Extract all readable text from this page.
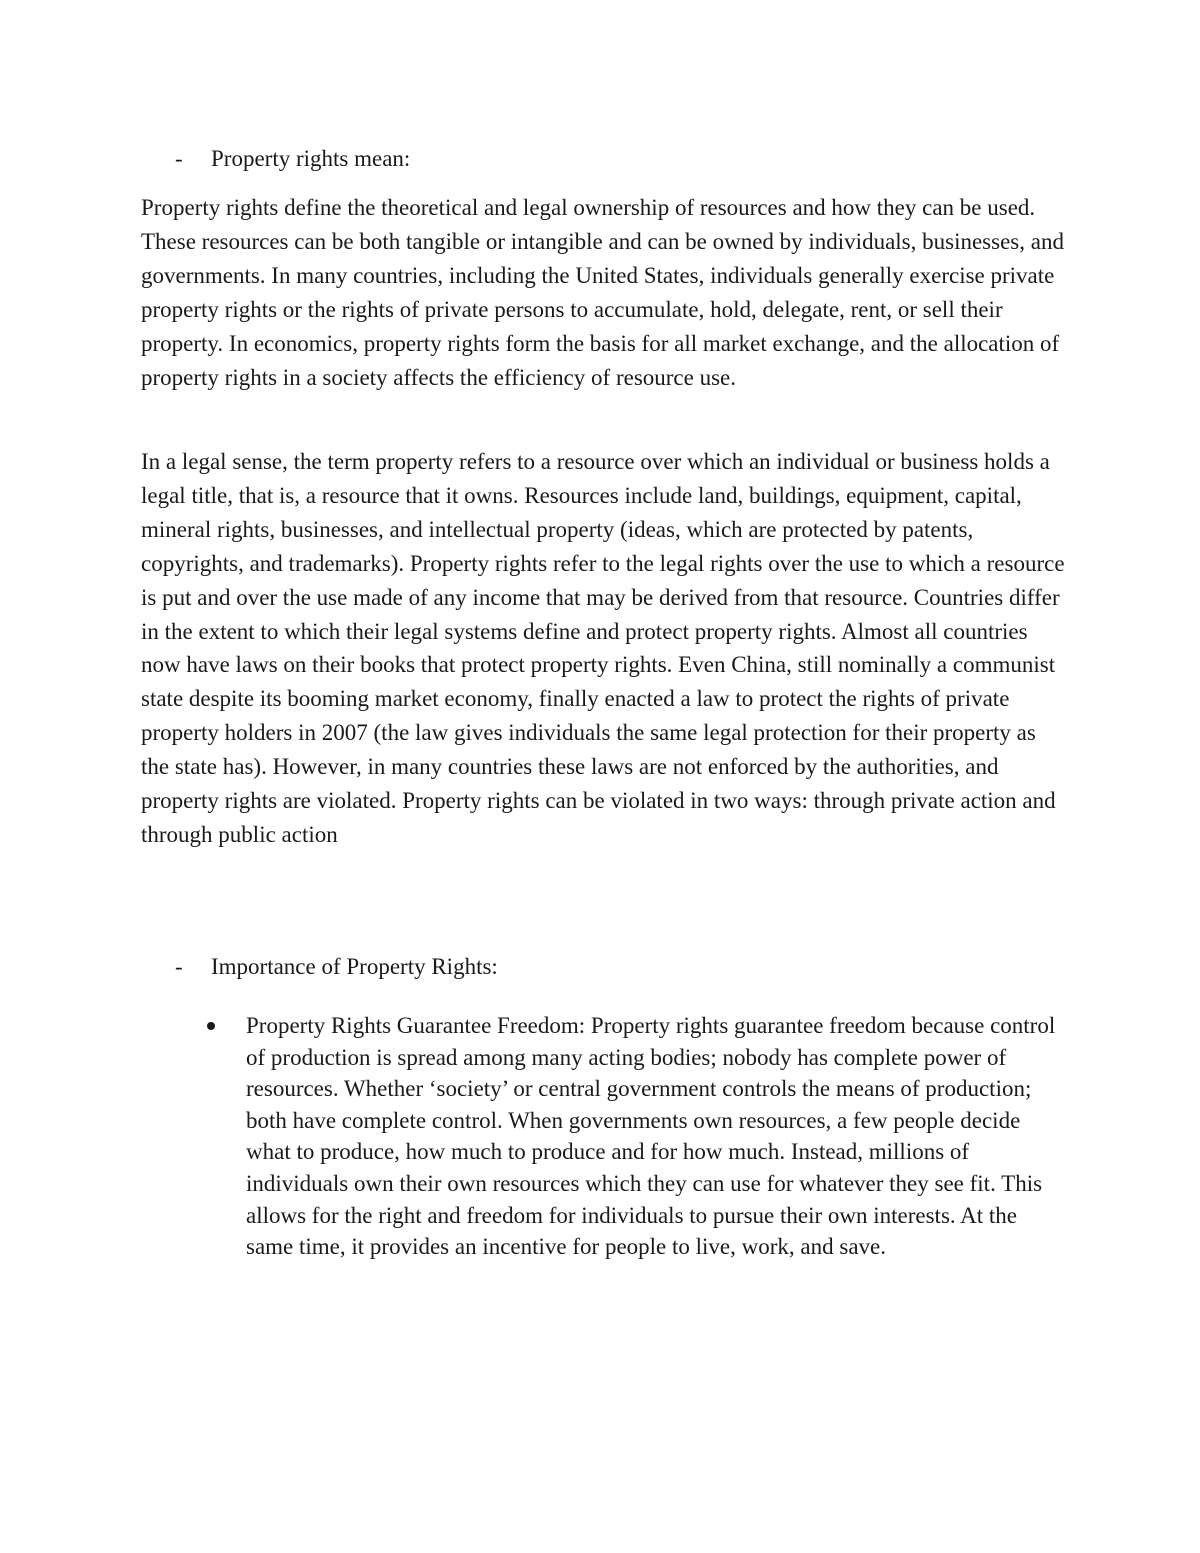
- Property rights mean:

Property rights define the theoretical and legal ownership of resources and how they can be used. These resources can be both tangible or intangible and can be owned by individuals, businesses, and governments. In many countries, including the United States, individuals generally exercise private property rights or the rights of private persons to accumulate, hold, delegate, rent, or sell their property. In economics, property rights form the basis for all market exchange, and the allocation of property rights in a society affects the efficiency of resource use.

In a legal sense, the term property refers to a resource over which an individual or business holds a legal title, that is, a resource that it owns. Resources include land, buildings, equipment, capital, mineral rights, businesses, and intellectual property (ideas, which are protected by patents, copyrights, and trademarks). Property rights refer to the legal rights over the use to which a resource is put and over the use made of any income that may be derived from that resource. Countries differ in the extent to which their legal systems define and protect property rights. Almost all countries now have laws on their books that protect property rights. Even China, still nominally a communist state despite its booming market economy, finally enacted a law to protect the rights of private property holders in 2007 (the law gives individuals the same legal protection for their property as the state has). However, in many countries these laws are not enforced by the authorities, and property rights are violated. Property rights can be violated in two ways: through private action and through public action

- Importance of Property Rights:
Property Rights Guarantee Freedom: Property rights guarantee freedom because control of production is spread among many acting bodies; nobody has complete power of resources. Whether ‘society’ or central government controls the means of production; both have complete control. When governments own resources, a few people decide what to produce, how much to produce and for how much. Instead, millions of individuals own their own resources which they can use for whatever they see fit. This allows for the right and freedom for individuals to pursue their own interests. At the same time, it provides an incentive for people to live, work, and save.
